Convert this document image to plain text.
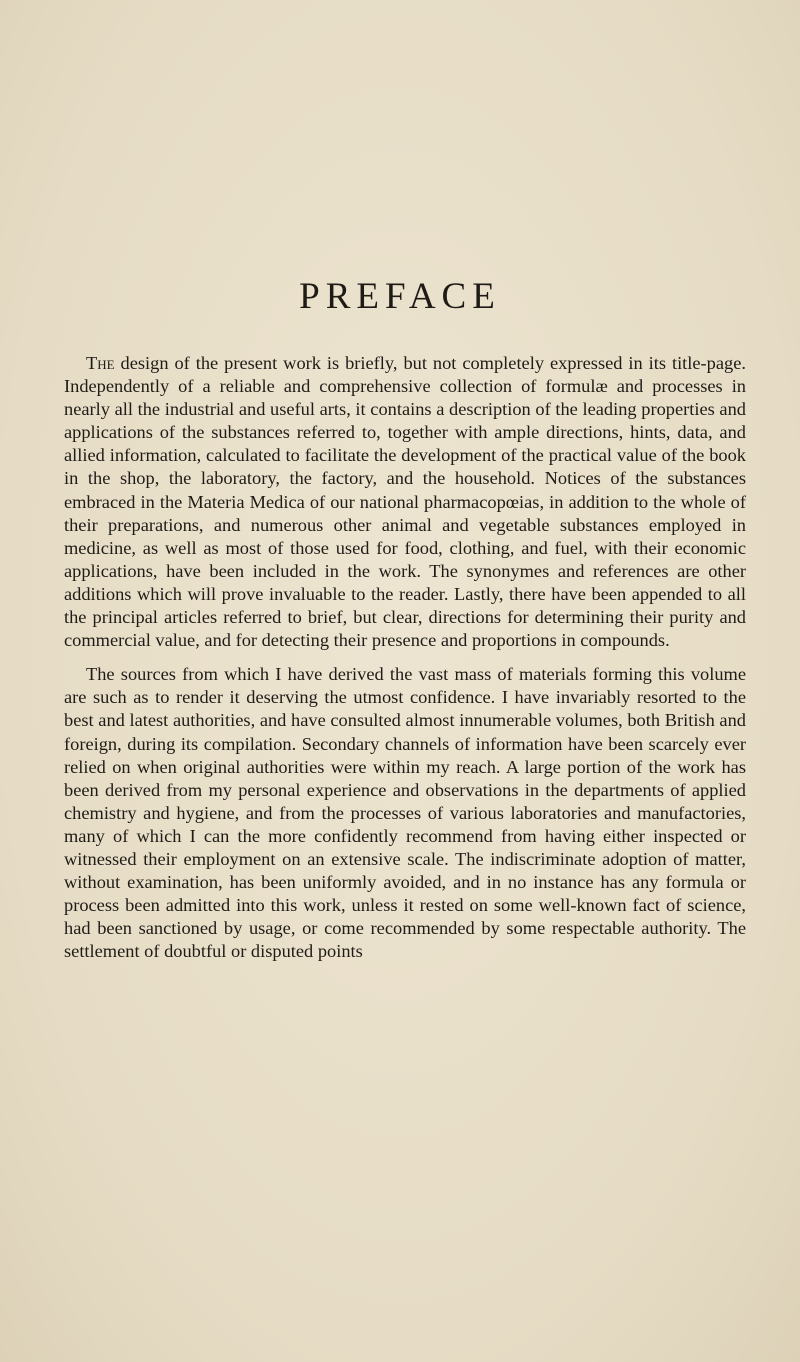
PREFACE

The design of the present work is briefly, but not completely expressed in its title-page. Independently of a reliable and comprehensive collection of formulæ and processes in nearly all the industrial and useful arts, it contains a description of the leading properties and applications of the substances referred to, together with ample directions, hints, data, and allied information, calculated to facilitate the development of the practical value of the book in the shop, the laboratory, the factory, and the household. Notices of the substances embraced in the Materia Medica of our national pharmacopœias, in addition to the whole of their preparations, and numerous other animal and vegetable substances employed in medicine, as well as most of those used for food, clothing, and fuel, with their economic applications, have been included in the work. The synonymes and references are other additions which will prove invaluable to the reader. Lastly, there have been appended to all the principal articles referred to brief, but clear, directions for determining their purity and commercial value, and for detecting their presence and proportions in compounds.

The sources from which I have derived the vast mass of materials forming this volume are such as to render it deserving the utmost confidence. I have invariably resorted to the best and latest authorities, and have consulted almost innumerable volumes, both British and foreign, during its compilation. Secondary channels of information have been scarcely ever relied on when original authorities were within my reach. A large portion of the work has been derived from my personal experience and observations in the departments of applied chemistry and hygiene, and from the processes of various laboratories and manufactories, many of which I can the more confidently recommend from having either inspected or witnessed their employment on an extensive scale. The indiscriminate adoption of matter, without examination, has been uniformly avoided, and in no instance has any formula or process been admitted into this work, unless it rested on some well-known fact of science, had been sanctioned by usage, or come recommended by some respectable authority. The settlement of doubtful or disputed points
